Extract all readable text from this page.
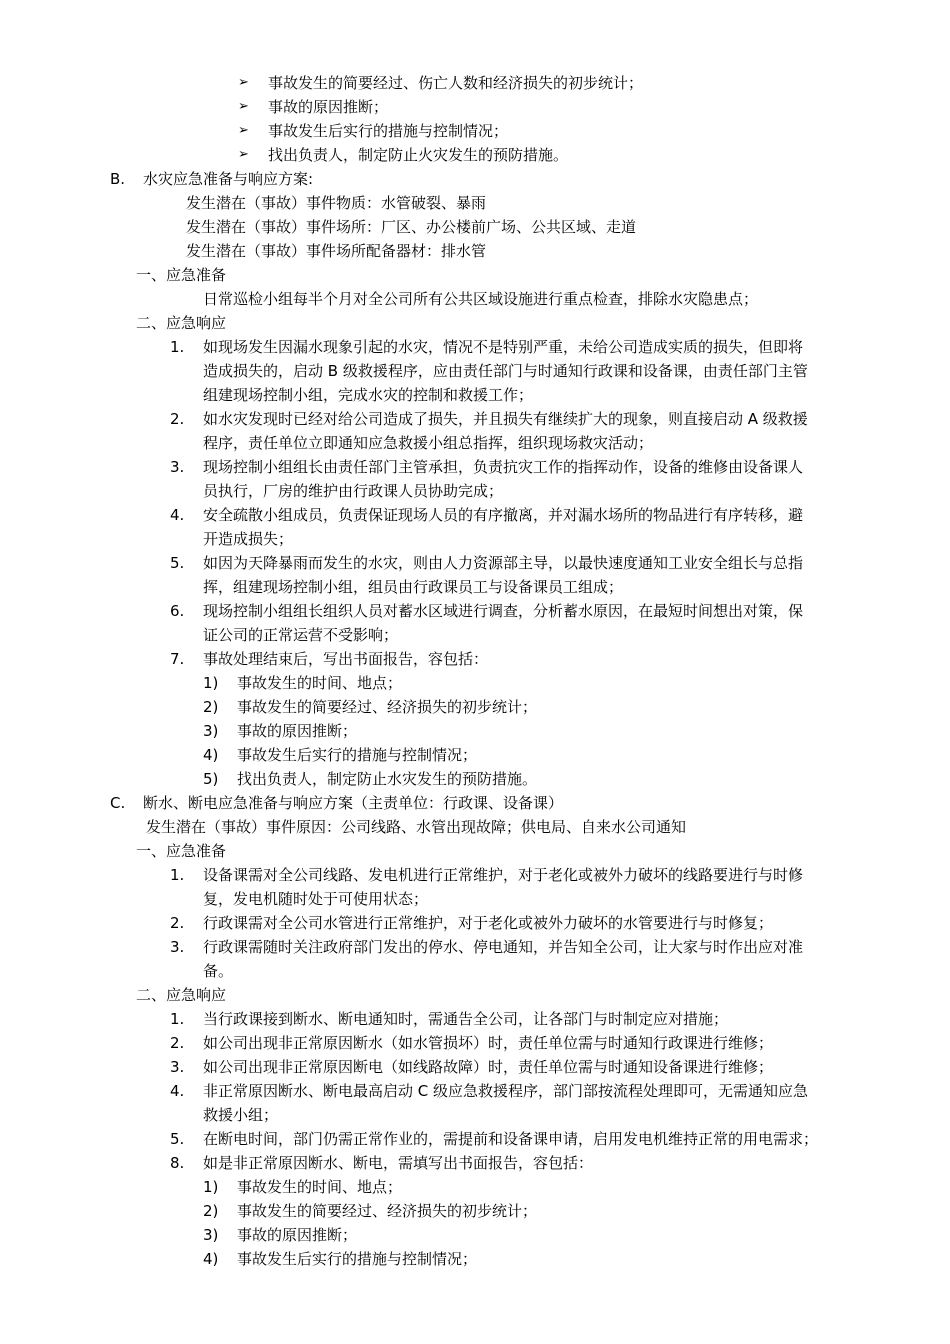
➢ 事故发生的简要经过、伤亡人数和经济损失的初步统计；
➢ 事故的原因推断；
➢ 事故发生后实行的措施与控制情况；
➢ 找出负责人，制定防止火灾发生的预防措施。
B. 水灾应急准备与响应方案:
发生潜在（事故）事件物质：水管破裂、暴雨
发生潜在（事故）事件场所：厂区、办公楼前广场、公共区域、走道
发生潜在（事故）事件场所配备器材：排水管
一、应急准备
日常巡检小组每半个月对全公司所有公共区域设施进行重点检查，排除水灾隐患点；
二、应急响应
1. 如现场发生因漏水现象引起的水灾，情况不是特别严重，未给公司造成实质的损失，但即将
造成损失的，启动 B 级救援程序，应由责任部门与时通知行政课和设备课，由责任部门主管
组建现场控制小组，完成水灾的控制和救援工作；
2. 如水灾发现时已经对给公司造成了损失，并且损失有继续扩大的现象，则直接启动 A 级救援
程序，责任单位立即通知应急救援小组总指挥，组织现场救灾活动；
3. 现场控制小组组长由责任部门主管承担，负责抗灾工作的指挥动作，设备的维修由设备课人
员执行，厂房的维护由行政课人员协助完成；
4. 安全疏散小组成员，负责保证现场人员的有序撤离，并对漏水场所的物品进行有序转移，避
开造成损失；
5. 如因为天降暴雨而发生的水灾，则由人力资源部主导，以最快速度通知工业安全组长与总指
挥，组建现场控制小组，组员由行政课员工与设备课员工组成；
6. 现场控制小组组长组织人员对蓄水区域进行调查，分析蓄水原因，在最短时间想出对策，保
证公司的正常运营不受影响；
7. 事故处理结束后，写出书面报告，容包括：
1) 事故发生的时间、地点；
2) 事故发生的简要经过、经济损失的初步统计；
3) 事故的原因推断；
4) 事故发生后实行的措施与控制情况；
5) 找出负责人，制定防止水灾发生的预防措施。
C. 断水、断电应急准备与响应方案（主责单位：行政课、设备课）
发生潜在（事故）事件原因：公司线路、水管出现故障；供电局、自来水公司通知
一、应急准备
1. 设备课需对全公司线路、发电机进行正常维护，对于老化或被外力破坏的线路要进行与时修
复，发电机随时处于可使用状态；
2. 行政课需对全公司水管进行正常维护，对于老化或被外力破坏的水管要进行与时修复；
3. 行政课需随时关注政府部门发出的停水、停电通知，并告知全公司，让大家与时作出应对准
备。
二、应急响应
1. 当行政课接到断水、断电通知时，需通告全公司，让各部门与时制定应对措施；
2. 如公司出现非正常原因断水（如水管损坏）时，责任单位需与时通知行政课进行维修；
3. 如公司出现非正常原因断电（如线路故障）时，责任单位需与时通知设备课进行维修；
4. 非正常原因断水、断电最高启动 C 级应急救援程序，部门部按流程处理即可，无需通知应急
救援小组；
5. 在断电时间，部门仍需正常作业的，需提前和设备课申请，启用发电机维持正常的用电需求；
8. 如是非正常原因断水、断电，需填写出书面报告，容包括：
1) 事故发生的时间、地点；
2) 事故发生的简要经过、经济损失的初步统计；
3) 事故的原因推断；
4) 事故发生后实行的措施与控制情况；
